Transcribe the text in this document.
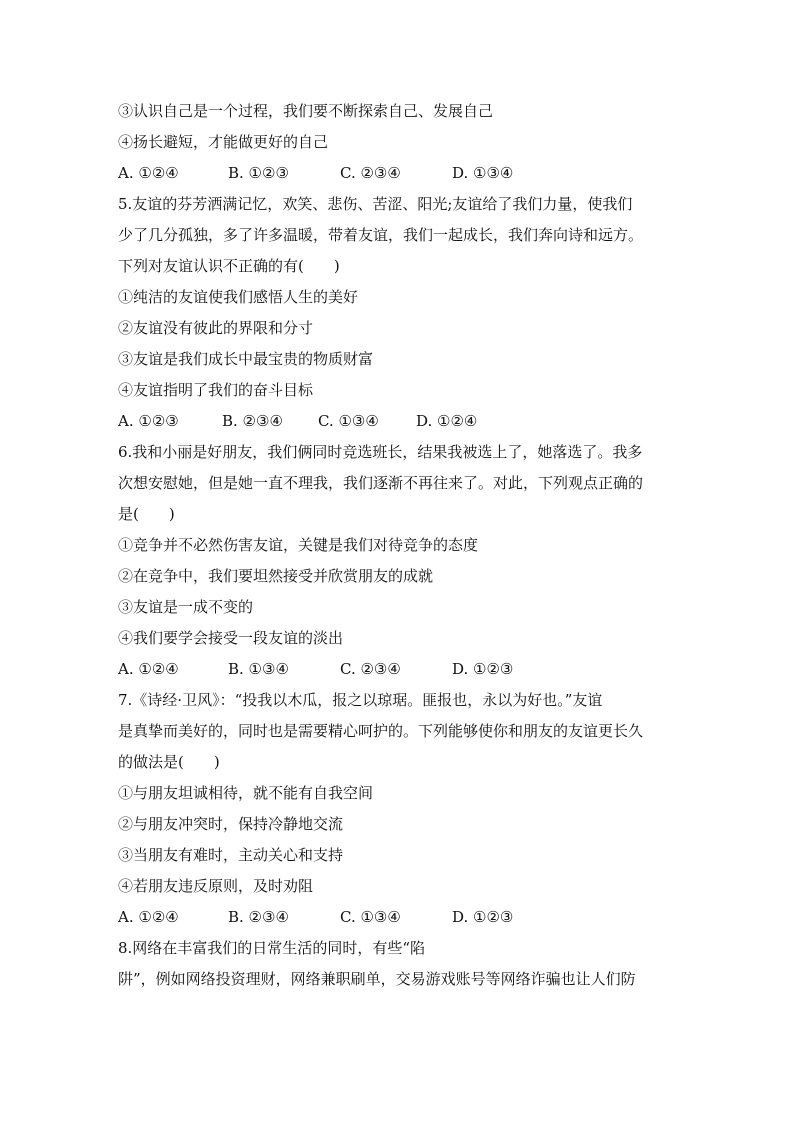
③认识自己是一个过程，我们要不断探索自己、发展自己
④扬长避短，才能做更好的自己
A. ①②④	B. ①②③	C. ②③④	D. ①③④
5.友谊的芬芳洒满记忆，欢笑、悲伤、苦涩、阳光;友谊给了我们力量，使我们
少了几分孤独，多了许多温暖，带着友谊，我们一起成长，我们奔向诗和远方。
下列对友谊认识不正确的有(　　)
①纯洁的友谊使我们感悟人生的美好
②友谊没有彼此的界限和分寸
③友谊是我们成长中最宝贵的物质财富
④友谊指明了我们的奋斗目标
A. ①②③	B. ②③④	C. ①③④	D. ①②④
6.我和小丽是好朋友，我们俩同时竞选班长，结果我被选上了，她落选了。我多
次想安慰她，但是她一直不理我，我们逐渐不再往来了。对此，下列观点正确的
是(　　)
①竞争并不必然伤害友谊，关键是我们对待竞争的态度
②在竞争中，我们要坦然接受并欣赏朋友的成就
③友谊是一成不变的
④我们要学会接受一段友谊的淡出
A. ①②④	B. ①③④	C. ②③④	D. ①②③
7.《诗经·卫风》：“投我以木瓜，报之以琼琚。匪报也，永以为好也。”友谊
是真挚而美好的，同时也是需要精心呵护的。下列能够使你和朋友的友谊更长久
的做法是(　　)
①与朋友坦诚相待，就不能有自我空间
②与朋友冲突时，保持冷静地交流
③当朋友有难时，主动关心和支持
④若朋友违反原则，及时劝阻
A. ①②④	B. ②③④	C. ①③④	D. ①②③
8.网络在丰富我们的日常生活的同时，有些“陷
阱”，例如网络投资理财，网络兼职刷单，交易游戏账号等网络诈骗也让人们防
